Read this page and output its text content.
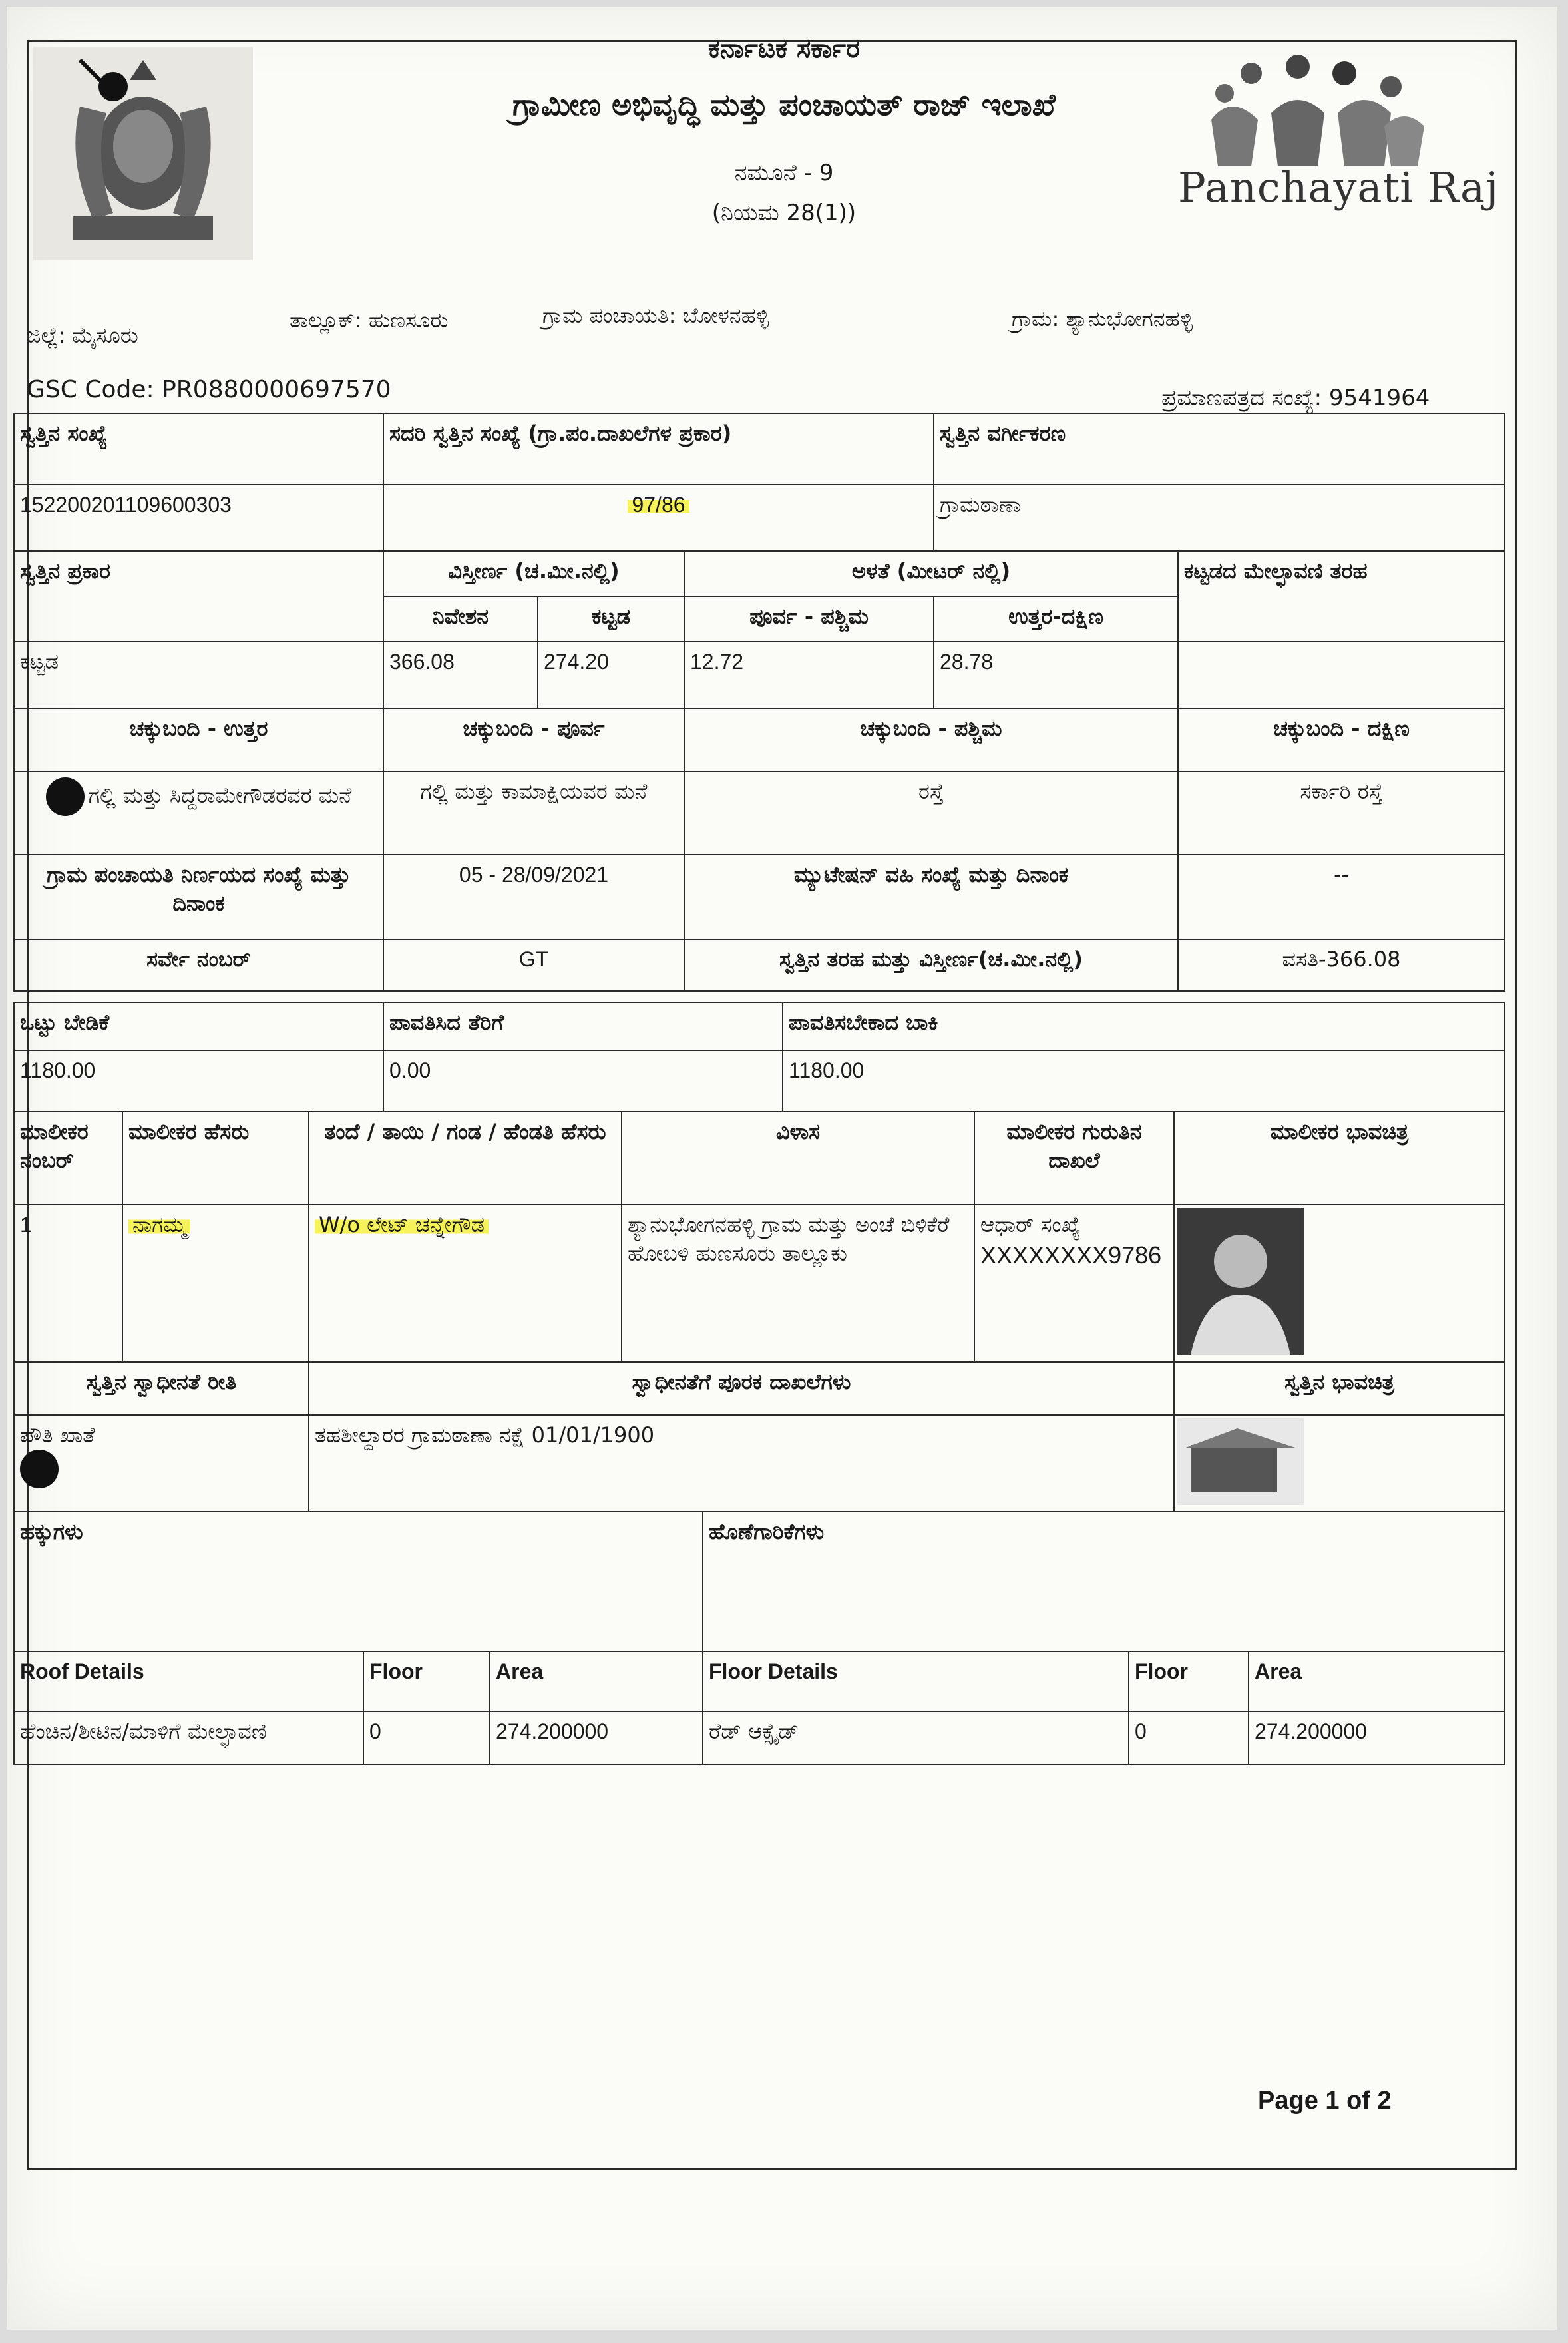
ಕರ್ನಾಟಕ ಸರ್ಕಾರ
ಗ್ರಾಮೀಣ ಅಭಿವೃದ್ಧಿ ಮತ್ತು ಪಂಚಾಯತ್ ರಾಜ್ ಇಲಾಖೆ
ನಮೂನೆ - 9
(ನಿಯಮ 28(1))
Panchayati Raj
ಜಿಲ್ಲೆ: ಮೈಸೂರು
ತಾಲ್ಲೂಕ್: ಹುಣಸೂರು	ಗ್ರಾಮ ಪಂಚಾಯತಿ: ಬೋಳನಹಳ್ಳಿ	ಗ್ರಾಮ: ಶ್ಯಾನುಭೋಗನಹಳ್ಳಿ
GSC Code: PR0880000697570	ಪ್ರಮಾಣಪತ್ರದ ಸಂಖ್ಯೆ: 9541964
ಸ್ವತ್ತಿನ ಸಂಖ್ಯೆ	ಸದರಿ ಸ್ವತ್ತಿನ ಸಂಖ್ಯೆ (ಗ್ರಾ.ಪಂ.ದಾಖಲೆಗಳ ಪ್ರಕಾರ)			ಸ್ವತ್ತಿನ ವರ್ಗೀಕರಣ	
152200201109600303	97/86			ಗ್ರಾಮಠಾಣಾ	
ಸ್ವತ್ತಿನ ಪ್ರಕಾರ	ವಿಸ್ತೀರ್ಣ (ಚ.ಮೀ.ನಲ್ಲಿ)		ಅಳತೆ (ಮೀಟರ್ ನಲ್ಲಿ)		ಕಟ್ಟಡದ ಮೇಲ್ಛಾವಣಿ ತರಹ
	ನಿವೇಶನ	ಕಟ್ಟಡ	ಪೂರ್ವ - ಪಶ್ಚಿಮ	ಉತ್ತರ-ದಕ್ಷಿಣ	
ಕಟ್ಟಡ	366.08	274.20	12.72	28.78	
ಚಕ್ಕುಬಂದಿ - ಉತ್ತರ	ಚಕ್ಕುಬಂದಿ - ಪೂರ್ವ		ಚಕ್ಕುಬಂದಿ - ಪಶ್ಚಿಮ		ಚಕ್ಕುಬಂದಿ - ದಕ್ಷಿಣ
ಗಲ್ಲಿ ಮತ್ತು ಸಿದ್ದರಾಮೇಗೌಡರವರ ಮನೆ	ಗಲ್ಲಿ ಮತ್ತು ಕಾಮಾಕ್ಷಿಯವರ ಮನೆ		ರಸ್ತೆ		ಸರ್ಕಾರಿ ರಸ್ತೆ
ಗ್ರಾಮ ಪಂಚಾಯತಿ ನಿರ್ಣಯದ ಸಂಖ್ಯೆ ಮತ್ತು ದಿನಾಂಕ	05 - 28/09/2021		ಮ್ಯುಟೇಷನ್ ವಹಿ ಸಂಖ್ಯೆ ಮತ್ತು ದಿನಾಂಕ		--
ಸರ್ವೇ ನಂಬರ್	GT		ಸ್ವತ್ತಿನ ತರಹ ಮತ್ತು ವಿಸ್ತೀರ್ಣ(ಚ.ಮೀ.ನಲ್ಲಿ)		ವಸತಿ-366.08
ಒಟ್ಟು ಬೇಡಿಕೆ	ಪಾವತಿಸಿದ ತೆರಿಗೆ	ಪಾವತಿಸಬೇಕಾದ ಬಾಕಿ
1180.00	0.00	1180.00
ಮಾಲೀಕರ ನಂಬರ್	ಮಾಲೀಕರ ಹೆಸರು	ತಂದೆ / ತಾಯಿ / ಗಂಡ / ಹೆಂಡತಿ ಹೆಸರು	ವಿಳಾಸ	ಮಾಲೀಕರ ಗುರುತಿನ ದಾಖಲೆ	ಮಾಲೀಕರ ಭಾವಚಿತ್ರ
1	ನಾಗಮ್ಮ	W/o ಲೇಟ್ ಚನ್ನೇಗೌಡ	ಶ್ಯಾನುಭೋಗನಹಳ್ಳಿ ಗ್ರಾಮ ಮತ್ತು ಅಂಚೆ ಬಿಳಿಕೆರೆ ಹೋಬಳಿ ಹುಣಸೂರು ತಾಲ್ಲೂಕು	ಆಧಾರ್ ಸಂಖ್ಯೆ
XXXXXXXX9786

ಸ್ವತ್ತಿನ ಸ್ವಾಧೀನತೆ ರೀತಿ	ಸ್ವಾಧೀನತೆಗೆ ಪೂರಕ ದಾಖಲೆಗಳು	ಸ್ವತ್ತಿನ ಭಾವಚಿತ್ರ

ಪೌತಿ ಖಾತೆ	ತಹಶೀಲ್ದಾರರ ಗ್ರಾಮಠಾಣಾ ನಕ್ಷೆ 01/01/1900	
ಹಕ್ಕುಗಳು	ಹೊಣೆಗಾರಿಕೆಗಳು
Roof Details	Floor	Area	Floor Details	Floor	Area
ಹೆಂಚಿನ/ಶೀಟಿನ/ಮಾಳಿಗೆ ಮೇಲ್ಛಾವಣಿ	0	274.200000	ರೆಡ್ ಆಕ್ಸೈಡ್	0	274.200000
Page 1 of 2
